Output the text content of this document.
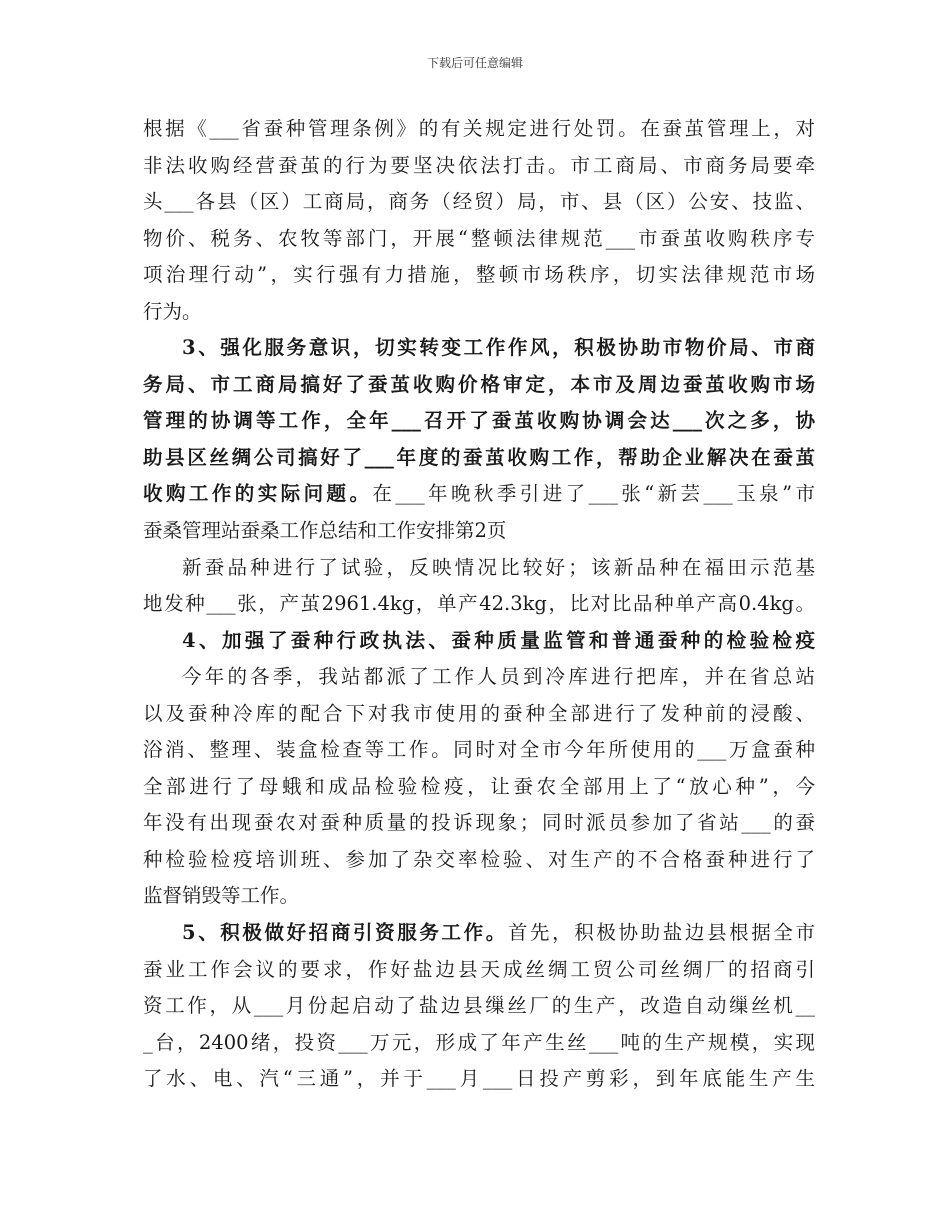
下载后可任意编辑
根据《___省蚕种管理条例》的有关规定进行处罚。在蚕茧管理上，对
非法收购经营蚕茧的行为要坚决依法打击。市工商局、市商务局要牵
头___各县（区）工商局，商务（经贸）局，市、县（区）公安、技监、
物价、税务、农牧等部门，开展“整顿法律规范___市蚕茧收购秩序专
项治理行动”，实行强有力措施，整顿市场秩序，切实法律规范市场
行为。
3、强化服务意识，切实转变工作作风，积极协助市物价局、市商
务局、市工商局搞好了蚕茧收购价格审定，本市及周边蚕茧收购市场
管理的协调等工作，全年___召开了蚕茧收购协调会达___次之多，协
助县区丝绸公司搞好了___年度的蚕茧收购工作，帮助企业解决在蚕茧
收购工作的实际问题。在___年晚秋季引进了___张“新芸___玉泉”市
蚕桑管理站蚕桑工作总结和工作安排第2页
新蚕品种进行了试验，反映情况比较好；该新品种在福田示范基
地发种___张，产茧2961.4kg，单产42.3kg，比对比品种单产高0.4kg。
4、加强了蚕种行政执法、蚕种质量监管和普通蚕种的检验检疫
今年的各季，我站都派了工作人员到冷库进行把库，并在省总站
以及蚕种冷库的配合下对我市使用的蚕种全部进行了发种前的浸酸、
浴消、整理、装盒检查等工作。同时对全市今年所使用的___万盒蚕种
全部进行了母蛾和成品检验检疫，让蚕农全部用上了“放心种”，今
年没有出现蚕农对蚕种质量的投诉现象；同时派员参加了省站___的蚕
种检验检疫培训班、参加了杂交率检验、对生产的不合格蚕种进行了
监督销毁等工作。
5、积极做好招商引资服务工作。首先，积极协助盐边县根据全市
蚕业工作会议的要求，作好盐边县天成丝绸工贸公司丝绸厂的招商引
资工作，从___月份起启动了盐边县缫丝厂的生产，改造自动缫丝机__
_台，2400绪，投资___万元，形成了年产生丝___吨的生产规模，实现
了水、电、汽“三通”，并于___月___日投产剪彩，到年底能生产生
